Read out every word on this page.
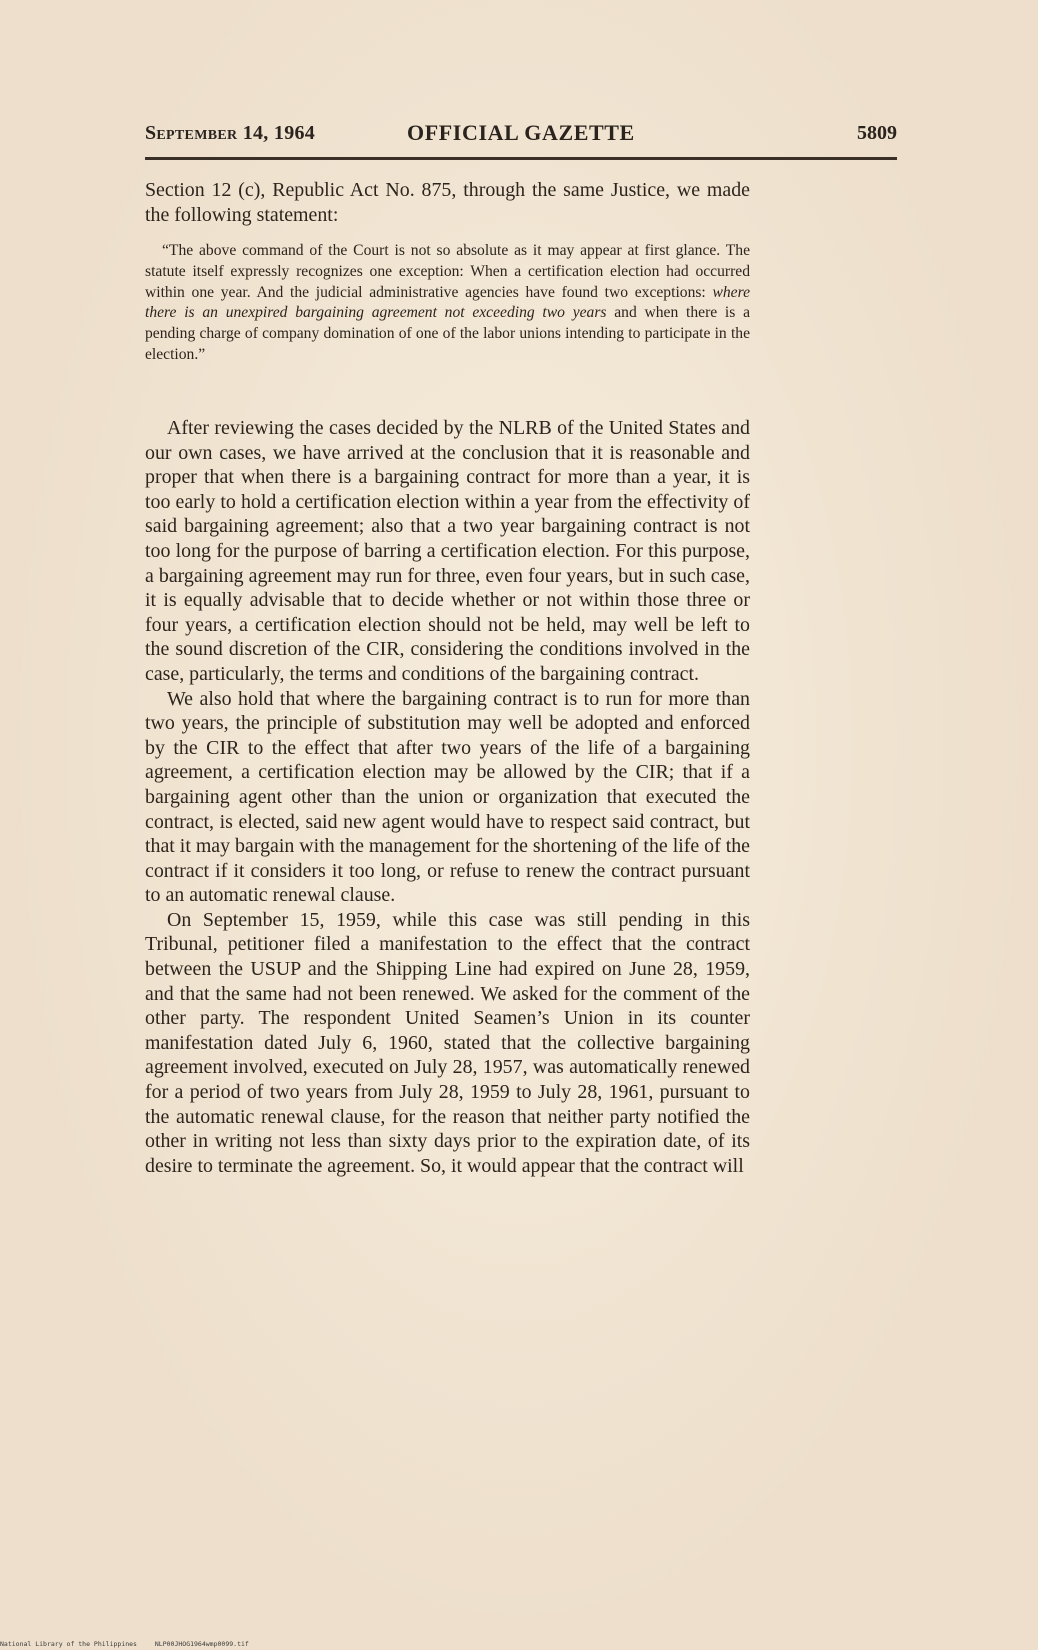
September 14, 1964	OFFICIAL GAZETTE	5809

Section 12 (c), Republic Act No. 875, through the same Justice, we made the following statement:

“The above command of the Court is not so absolute as it may appear at first glance. The statute itself expressly recognizes one exception: When a certification election had occurred within one year. And the judicial administrative agencies have found two exceptions: where there is an unexpired bargaining agreement not exceeding two years and when there is a pending charge of company domination of one of the labor unions intending to participate in the election.”

After reviewing the cases decided by the NLRB of the United States and our own cases, we have arrived at the conclusion that it is reasonable and proper that when there is a bargaining contract for more than a year, it is too early to hold a certification election within a year from the effectivity of said bargaining agreement; also that a two year bargaining contract is not too long for the purpose of barring a certification election. For this purpose, a bargaining agreement may run for three, even four years, but in such case, it is equally advisable that to decide whether or not within those three or four years, a certification election should not be held, may well be left to the sound discretion of the CIR, considering the conditions involved in the case, particularly, the terms and conditions of the bargaining contract.

We also hold that where the bargaining contract is to run for more than two years, the principle of substitution may well be adopted and enforced by the CIR to the effect that after two years of the life of a bargaining agreement, a certification election may be allowed by the CIR; that if a bargaining agent other than the union or organization that executed the contract, is elected, said new agent would have to respect said contract, but that it may bargain with the management for the shortening of the life of the contract if it considers it too long, or refuse to renew the contract pursuant to an automatic renewal clause.

On September 15, 1959, while this case was still pending in this Tribunal, petitioner filed a manifestation to the effect that the contract between the USUP and the Shipping Line had expired on June 28, 1959, and that the same had not been renewed. We asked for the comment of the other party. The respondent United Seamen’s Union in its counter manifestation dated July 6, 1960, stated that the collective bargaining agreement involved, executed on July 28, 1957, was automatically renewed for a period of two years from July 28, 1959 to July 28, 1961, pursuant to the automatic renewal clause, for the reason that neither party notified the other in writing not less than sixty days prior to the expiration date, of its desire to terminate the agreement. So, it would appear that the contract will

National Library of the Philippines	NLP00JHOG1964wmp0099.tif
